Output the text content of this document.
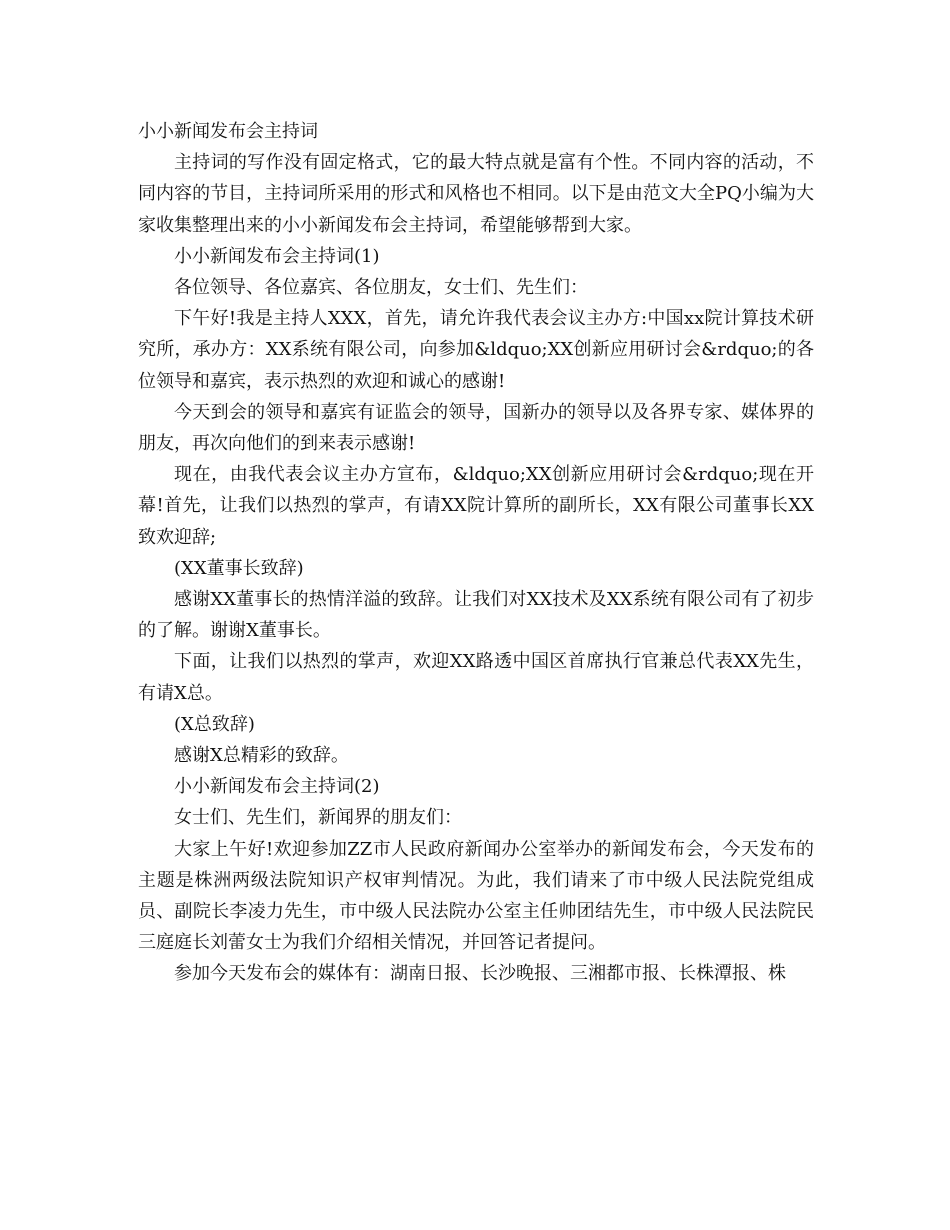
小小新闻发布会主持词

主持词的写作没有固定格式，它的最大特点就是富有个性。不同内容的活动，不同内容的节目，主持词所采用的形式和风格也不相同。以下是由范文大全PQ小编为大家收集整理出来的小小新闻发布会主持词，希望能够帮到大家。

小小新闻发布会主持词(1)

各位领导、各位嘉宾、各位朋友，女士们、先生们：

下午好!我是主持人XXX，首先，请允许我代表会议主办方:中国xx院计算技术研究所，承办方：XX系统有限公司，向参加&ldquo;XX创新应用研讨会&rdquo;的各位领导和嘉宾，表示热烈的欢迎和诚心的感谢!

今天到会的领导和嘉宾有证监会的领导，国新办的领导以及各界专家、媒体界的朋友，再次向他们的到来表示感谢!

现在，由我代表会议主办方宣布，&ldquo;XX创新应用研讨会&rdquo;现在开幕!首先，让我们以热烈的掌声，有请XX院计算所的副所长，XX有限公司董事长XX致欢迎辞;

(XX董事长致辞)

感谢XX董事长的热情洋溢的致辞。让我们对XX技术及XX系统有限公司有了初步的了解。谢谢X董事长。

下面，让我们以热烈的掌声，欢迎XX路透中国区首席执行官兼总代表XX先生，有请X总。

(X总致辞)

感谢X总精彩的致辞。

小小新闻发布会主持词(2)

女士们、先生们，新闻界的朋友们：

大家上午好!欢迎参加ZZ市人民政府新闻办公室举办的新闻发布会，今天发布的主题是株洲两级法院知识产权审判情况。为此，我们请来了市中级人民法院党组成员、副院长李凌力先生，市中级人民法院办公室主任帅团结先生，市中级人民法院民三庭庭长刘蕾女士为我们介绍相关情况，并回答记者提问。

参加今天发布会的媒体有：湖南日报、长沙晚报、三湘都市报、长株潭报、株
